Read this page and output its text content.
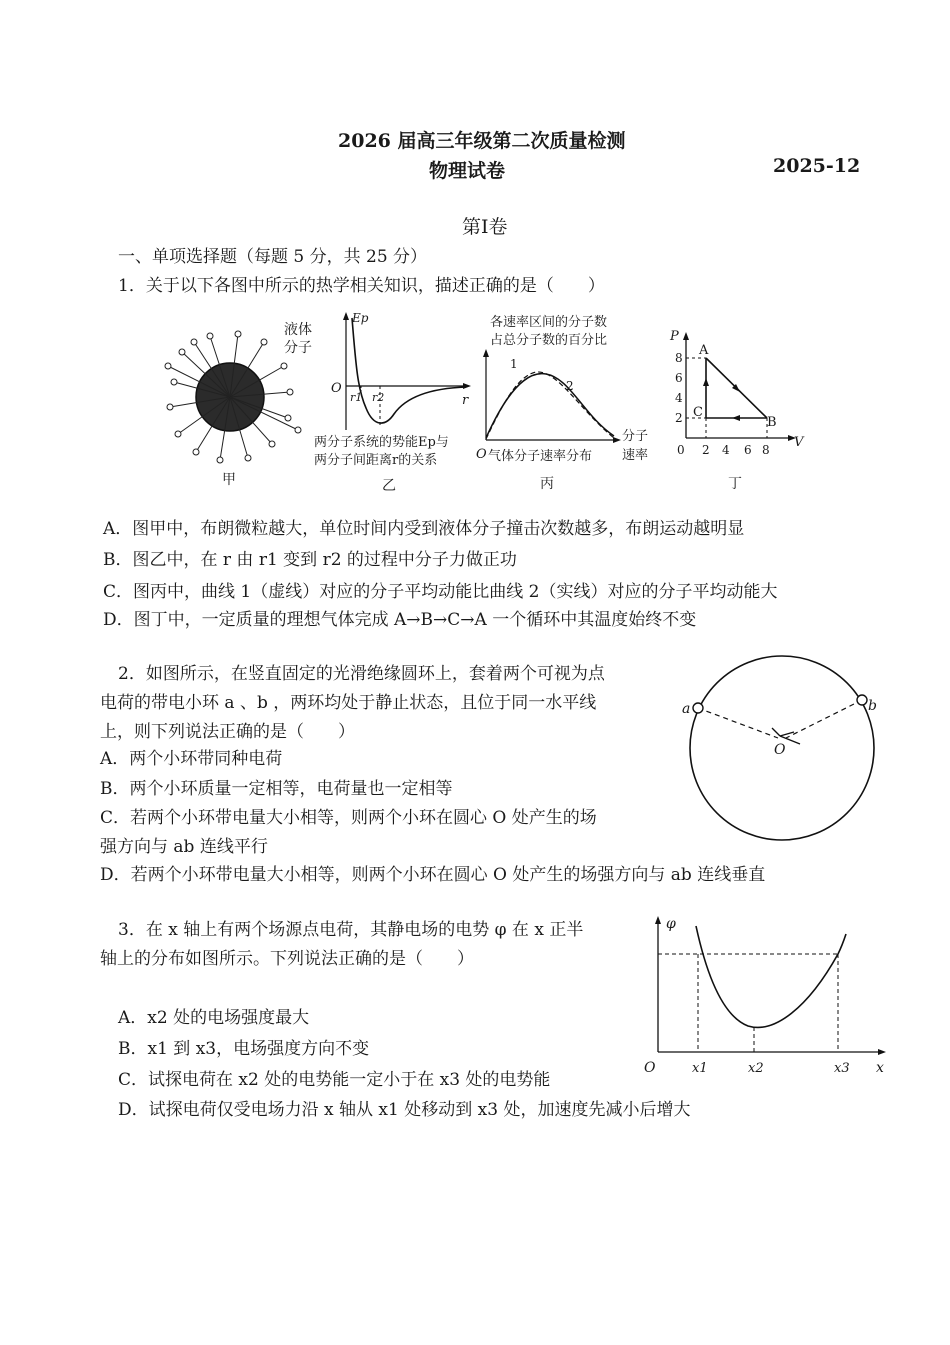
2026 届高三年级第二次质量检测
物理试卷	2025-12
第Ⅰ卷
一、单项选择题（每题 5 分，共 25 分）
1．关于以下各图中所示的热学相关知识，描述正确的是（　　）
液体
分子
甲
Ep
O
r
r1 r2
两分子系统的势能Ep与
两分子间距离r的关系
乙
各速率区间的分子数
占总分子数的百分比
1
2
O 气体分子速率分布
分子
速率
丙
P
V
8
6
4
2
0 2 4 6 8
A
B
C
丁
A．图甲中，布朗微粒越大，单位时间内受到液体分子撞击次数越多，布朗运动越明显
B．图乙中，在 r 由 r1 变到 r2 的过程中分子力做正功
C．图丙中，曲线 1（虚线）对应的分子平均动能比曲线 2（实线）对应的分子平均动能大
D．图丁中，一定质量的理想气体完成 A→B→C→A 一个循环中其温度始终不变
2．如图所示，在竖直固定的光滑绝缘圆环上，套着两个可视为点
电荷的带电小环 a 、b ，两环均处于静止状态，且位于同一水平线
上，则下列说法正确的是（　　）
A．两个小环带同种电荷
B．两个小环质量一定相等，电荷量也一定相等
C．若两个小环带电量大小相等，则两个小环在圆心 O 处产生的场
强方向与 ab 连线平行
D．若两个小环带电量大小相等，则两个小环在圆心 O 处产生的场强方向与 ab 连线垂直
a	b
O
3．在 x 轴上有两个场源点电荷，其静电场的电势 φ 在 x 正半
轴上的分布如图所示。下列说法正确的是（　　）
A．x2 处的电场强度最大
B．x1 到 x3，电场强度方向不变
C．试探电荷在 x2 处的电势能一定小于在 x3 处的电势能
D．试探电荷仅受电场力沿 x 轴从 x1 处移动到 x3 处，加速度先减小后增大
φ
O	x1	x2	x3 x
